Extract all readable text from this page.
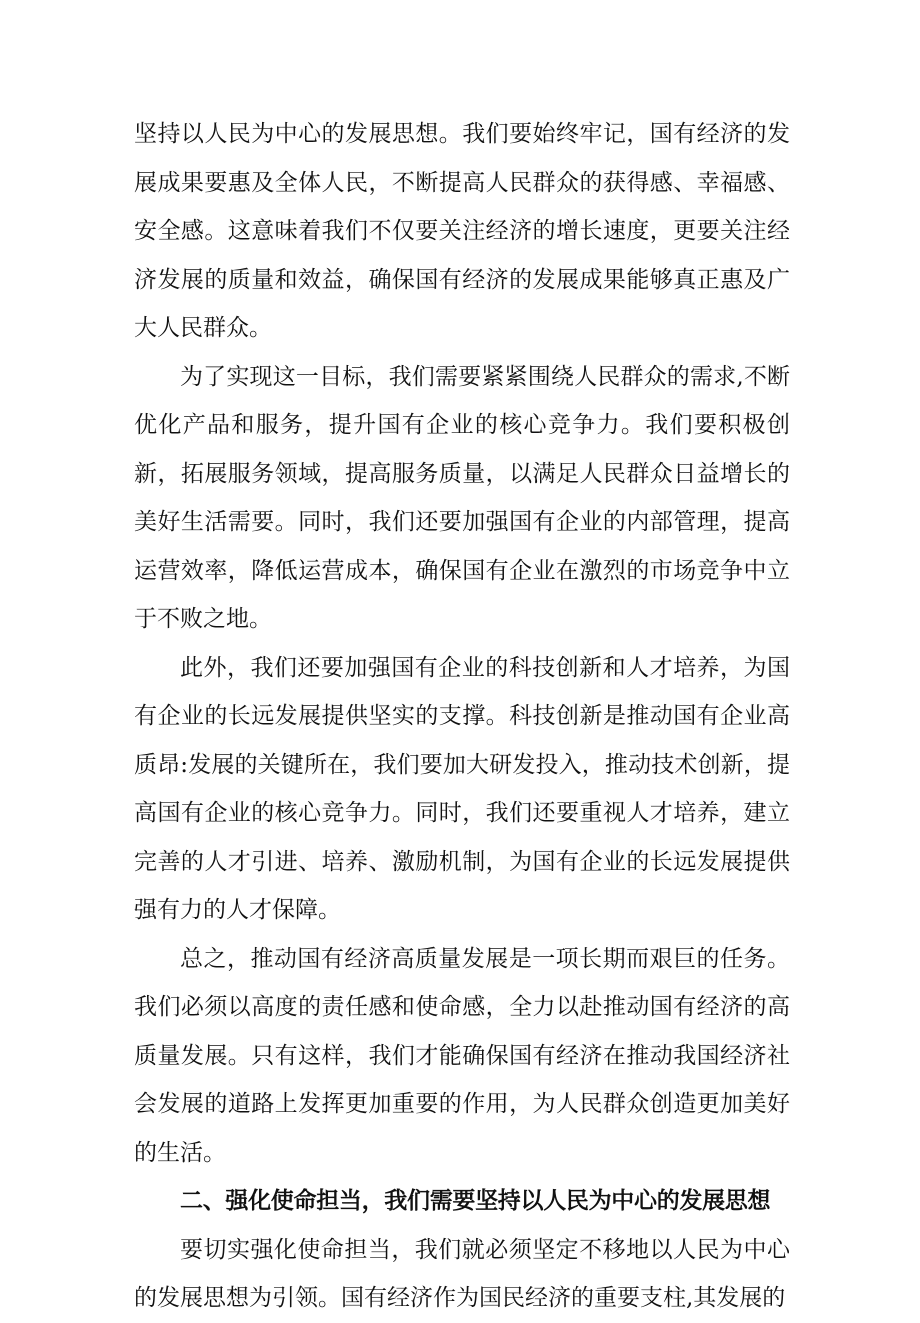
坚持以人民为中心的发展思想。我们要始终牢记，国有经济的发展成果要惠及全体人民，不断提高人民群众的获得感、幸福感、安全感。这意味着我们不仅要关注经济的增长速度，更要关注经济发展的质量和效益，确保国有经济的发展成果能够真正惠及广大人民群众。

为了实现这一目标，我们需要紧紧围绕人民群众的需求,不断优化产品和服务，提升国有企业的核心竞争力。我们要积极创新，拓展服务领域，提高服务质量，以满足人民群众日益增长的美好生活需要。同时，我们还要加强国有企业的内部管理，提高运营效率，降低运营成本，确保国有企业在激烈的市场竞争中立于不败之地。

此外，我们还要加强国有企业的科技创新和人才培养，为国有企业的长远发展提供坚实的支撑。科技创新是推动国有企业高质昂:发展的关键所在，我们要加大研发投入，推动技术创新，提高国有企业的核心竞争力。同时，我们还要重视人才培养，建立完善的人才引进、培养、激励机制，为国有企业的长远发展提供强有力的人才保障。

总之，推动国有经济高质量发展是一项长期而艰巨的任务。我们必须以高度的责任感和使命感，全力以赴推动国有经济的高质量发展。只有这样，我们才能确保国有经济在推动我国经济社会发展的道路上发挥更加重要的作用，为人民群众创造更加美好的生活。

二、强化使命担当，我们需要坚持以人民为中心的发展思想

要切实强化使命担当，我们就必须坚定不移地以人民为中心的发展思想为引领。国有经济作为国民经济的重要支柱,其发展的
